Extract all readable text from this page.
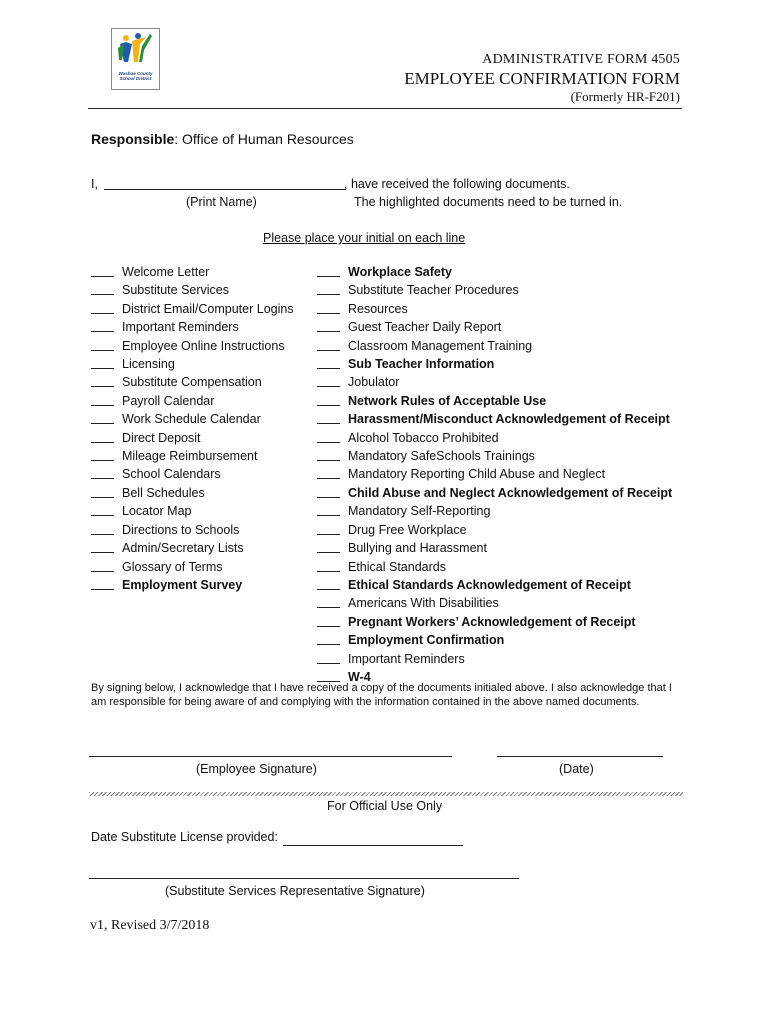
Washoe County School District
ADMINISTRATIVE FORM 4505
EMPLOYEE CONFIRMATION FORM
(Formerly HR-F201)
Responsible: Office of Human Resources
I,	, have received the following documents.
(Print Name)	The highlighted documents need to be turned in.
Please place your initial on each line
Welcome Letter
Substitute Services
District Email/Computer Logins
Important Reminders
Employee Online Instructions
Licensing
Substitute Compensation
Payroll Calendar
Work Schedule Calendar
Direct Deposit
Mileage Reimbursement
School Calendars
Bell Schedules
Locator Map
Directions to Schools
Admin/Secretary Lists
Glossary of Terms
Employment Survey
Workplace Safety
Substitute Teacher Procedures
Resources
Guest Teacher Daily Report
Classroom Management Training
Sub Teacher Information
Jobulator
Network Rules of Acceptable Use
Harassment/Misconduct Acknowledgement of Receipt
Alcohol Tobacco Prohibited
Mandatory SafeSchools Trainings
Mandatory Reporting Child Abuse and Neglect
Child Abuse and Neglect Acknowledgement of Receipt
Mandatory Self-Reporting
Drug Free Workplace
Bullying and Harassment
Ethical Standards
Ethical Standards Acknowledgement of Receipt
Americans With Disabilities
Pregnant Workers’ Acknowledgement of Receipt
Employment Confirmation
Important Reminders
W-4
By signing below, I acknowledge that I have received a copy of the documents initialed above. I also acknowledge that I am responsible for being aware of and complying with the information contained in the above named documents.
(Employee Signature)	(Date)
For Official Use Only
Date Substitute License provided:
(Substitute Services Representative Signature)
v1, Revised 3/7/2018
